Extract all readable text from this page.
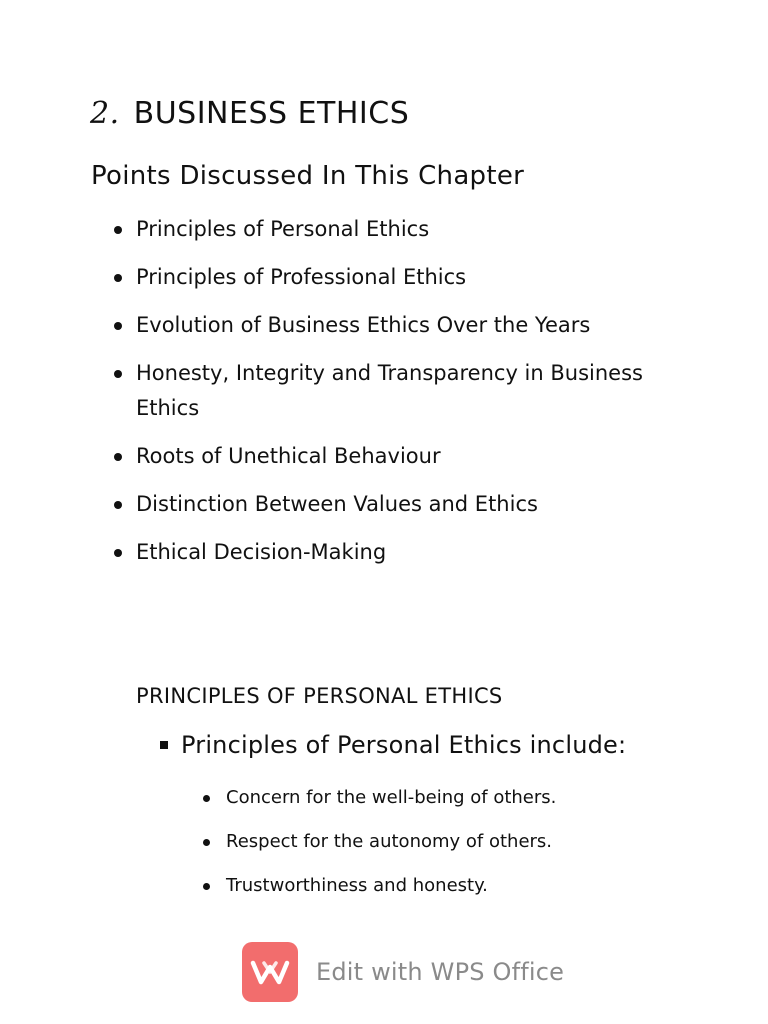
2. BUSINESS ETHICS
Points Discussed In This Chapter
Principles of Personal Ethics
Principles of Professional Ethics
Evolution of Business Ethics Over the Years
Honesty, Integrity and Transparency in Business Ethics
Roots of Unethical Behaviour
Distinction Between Values and Ethics
Ethical Decision-Making
PRINCIPLES OF PERSONAL ETHICS
Principles of Personal Ethics include:
Concern for the well-being of others.
Respect for the autonomy of others.
Trustworthiness and honesty.
Edit with WPS Office
